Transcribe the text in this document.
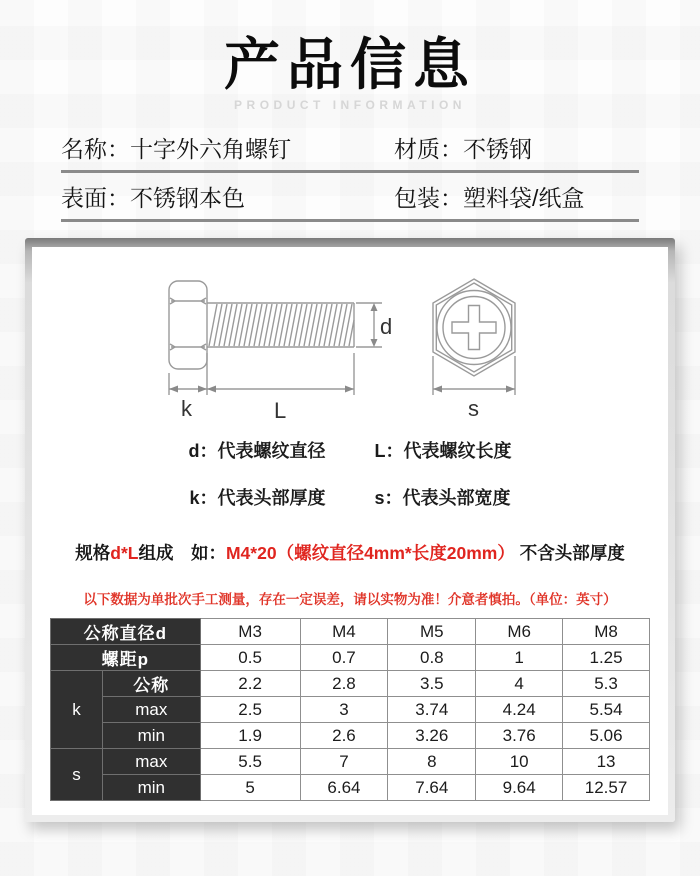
产品信息
PRODUCT INFORMATION
名称： 十字外六角螺钉	材质： 不锈钢
表面： 不锈钢本色	包装： 塑料袋/纸盒
d
k	L	s
d：代表螺纹直径	L：代表螺纹长度
k：代表头部厚度	s：代表头部宽度
规格d*L组成　如：M4*20（螺纹直径4mm*长度20mm） 不含头部厚度
以下数据为单批次手工测量，存在一定误差，请以实物为准！介意者慎拍。（单位：英寸）
公称直径d		M3	M4	M5	M6	M8
螺距p		0.5	0.7	0.8	1	1.25
k	公称	2.2	2.8	3.5	4	5.3
	max	2.5	3	3.74	4.24	5.54
	min	1.9	2.6	3.26	3.76	5.06
s	max	5.5	7	8	10	13
	min	5	6.64	7.64	9.64	12.57
